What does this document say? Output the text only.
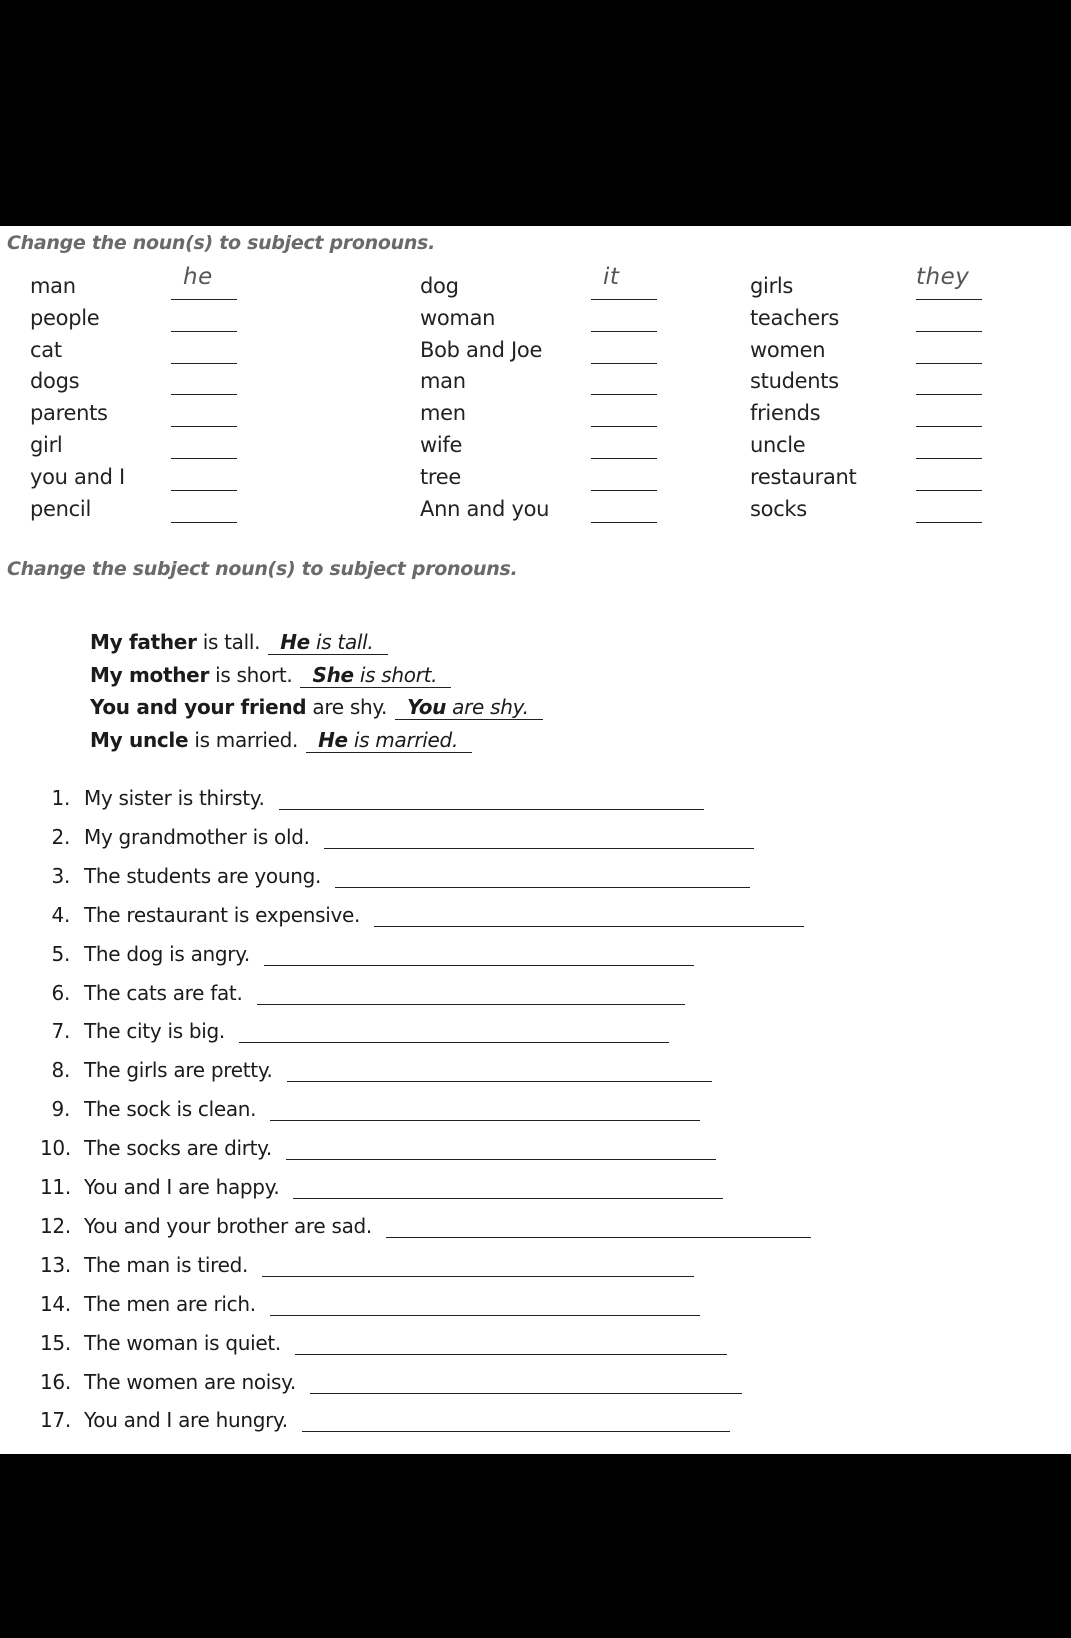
Change the noun(s) to subject pronouns.
man
people
cat
dogs
parents
girl
you and I
pencil
he	dog
woman
Bob and Joe
man
men
wife
tree
Ann and you
it	girls
teachers
women
students
friends
uncle
restaurant
socks
they
Change the subject noun(s) to subject pronouns.
My father is tall. He is tall.
My mother is short. She is short.
You and your friend are shy. You are shy.
My uncle is married. He is married.
1. My sister is thirsty.
2. My grandmother is old.
3. The students are young.
4. The restaurant is expensive.
5. The dog is angry.
6. The cats are fat.
7. The city is big.
8. The girls are pretty.
9. The sock is clean.
10. The socks are dirty.
11. You and I are happy.
12. You and your brother are sad.
13. The man is tired.
14. The men are rich.
15. The woman is quiet.
16. The women are noisy.
17. You and I are hungry.
